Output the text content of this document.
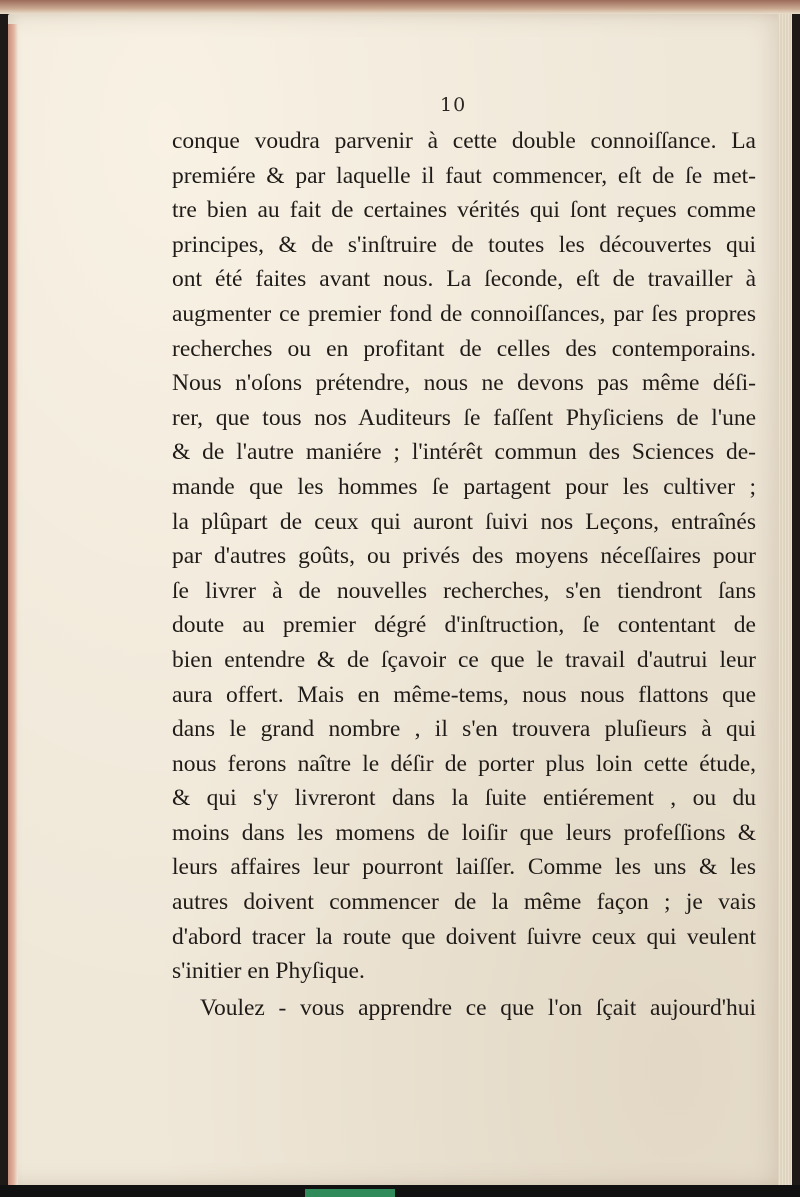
10
conque voudra parvenir à cette double connoiſſance. La
premiére & par laquelle il faut commencer, eſt de ſe met-
tre bien au fait de certaines vérités qui ſont reçues comme
principes, & de s'inſtruire de toutes les découvertes qui
ont été faites avant nous. La ſeconde, eſt de travailler à
augmenter ce premier fond de connoiſſances, par ſes propres
recherches ou en profitant de celles des contemporains.
Nous n'oſons prétendre, nous ne devons pas même déſi-
rer, que tous nos Auditeurs ſe faſſent Phyſiciens de l'une
& de l'autre maniére ; l'intérêt commun des Sciences de-
mande que les hommes ſe partagent pour les cultiver ;
la plûpart de ceux qui auront ſuivi nos Leçons, entraînés
par d'autres goûts, ou privés des moyens néceſſaires pour
ſe livrer à de nouvelles recherches, s'en tiendront ſans
doute au premier dégré d'inſtruction, ſe contentant de
bien entendre & de ſçavoir ce que le travail d'autrui leur
aura offert. Mais en même-tems, nous nous flattons que
dans le grand nombre , il s'en trouvera pluſieurs à qui
nous ferons naître le déſir de porter plus loin cette étude,
& qui s'y livreront dans la ſuite entiérement , ou du
moins dans les momens de loiſir que leurs profeſſions &
leurs affaires leur pourront laiſſer. Comme les uns & les
autres doivent commencer de la même façon ; je vais
d'abord tracer la route que doivent ſuivre ceux qui veulent
s'initier en Phyſique.
Voulez - vous apprendre ce que l'on ſçait aujourd'hui
